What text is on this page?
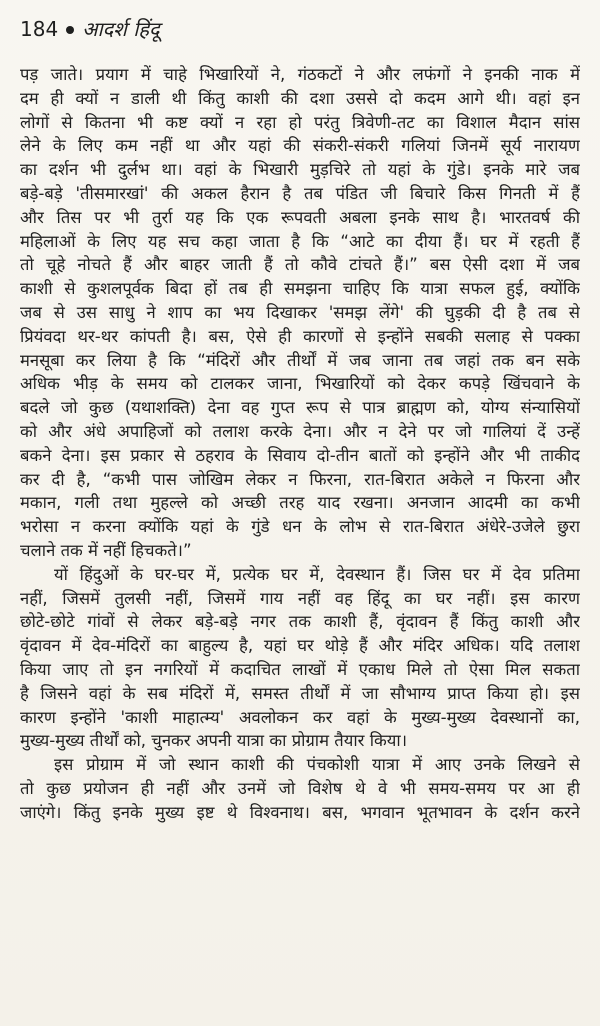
184 आदर्श हिंदू
पड़ जाते। प्रयाग में चाहे भिखारियों ने, गंठकटों ने और लफंगों ने इनकी नाक में
दम ही क्यों न डाली थी किंतु काशी की दशा उससे दो कदम आगे थी। वहां इन
लोगों से कितना भी कष्ट क्यों न रहा हो परंतु त्रिवेणी-तट का विशाल मैदान सांस
लेने के लिए कम नहीं था और यहां की संकरी-संकरी गलियां जिनमें सूर्य नारायण
का दर्शन भी दुर्लभ था। वहां के भिखारी मुड़चिरे तो यहां के गुंडे। इनके मारे जब
बड़े-बड़े 'तीसमारखां' की अकल हैरान है तब पंडित जी बिचारे किस गिनती में हैं
और तिस पर भी तुर्रा यह कि एक रूपवती अबला इनके साथ है। भारतवर्ष की
महिलाओं के लिए यह सच कहा जाता है कि “आटे का दीया हैं। घर में रहती हैं
तो चूहे नोचते हैं और बाहर जाती हैं तो कौवे टांचते हैं।” बस ऐसी दशा में जब
काशी से कुशलपूर्वक बिदा हों तब ही समझना चाहिए कि यात्रा सफल हुई, क्योंकि
जब से उस साधु ने शाप का भय दिखाकर 'समझ लेंगे' की घुड़की दी है तब से
प्रियंवदा थर-थर कांपती है। बस, ऐसे ही कारणों से इन्होंने सबकी सलाह से पक्का
मनसूबा कर लिया है कि “मंदिरों और तीर्थों में जब जाना तब जहां तक बन सके
अधिक भीड़ के समय को टालकर जाना, भिखारियों को देकर कपड़े खिंचवाने के
बदले जो कुछ (यथाशक्ति) देना वह गुप्त रूप से पात्र ब्राह्मण को, योग्य संन्यासियों
को और अंधे अपाहिजों को तलाश करके देना। और न देने पर जो गालियां दें उन्हें
बकने देना। इस प्रकार से ठहराव के सिवाय दो-तीन बातों को इन्होंने और भी ताकीद
कर दी है, “कभी पास जोखिम लेकर न फिरना, रात-बिरात अकेले न फिरना और
मकान, गली तथा मुहल्ले को अच्छी तरह याद रखना। अनजान आदमी का कभी
भरोसा न करना क्योंकि यहां के गुंडे धन के लोभ से रात-बिरात अंधेरे-उजेले छुरा
चलाने तक में नहीं हिचकते।”
यों हिंदुओं के घर-घर में, प्रत्येक घर में, देवस्थान हैं। जिस घर में देव प्रतिमा
नहीं, जिसमें तुलसी नहीं, जिसमें गाय नहीं वह हिंदू का घर नहीं। इस कारण
छोटे-छोटे गांवों से लेकर बड़े-बड़े नगर तक काशी हैं, वृंदावन हैं किंतु काशी और
वृंदावन में देव-मंदिरों का बाहुल्य है, यहां घर थोड़े हैं और मंदिर अधिक। यदि तलाश
किया जाए तो इन नगरियों में कदाचित लाखों में एकाध मिले तो ऐसा मिल सकता
है जिसने वहां के सब मंदिरों में, समस्त तीर्थों में जा सौभाग्य प्राप्त किया हो। इस
कारण इन्होंने 'काशी माहात्म्य' अवलोकन कर वहां के मुख्य-मुख्य देवस्थानों का,
मुख्य-मुख्य तीर्थों को, चुनकर अपनी यात्रा का प्रोग्राम तैयार किया।
इस प्रोग्राम में जो स्थान काशी की पंचकोशी यात्रा में आए उनके लिखने से
तो कुछ प्रयोजन ही नहीं और उनमें जो विशेष थे वे भी समय-समय पर आ ही
जाएंगे। किंतु इनके मुख्य इष्ट थे विश्वनाथ। बस, भगवान भूतभावन के दर्शन करने
